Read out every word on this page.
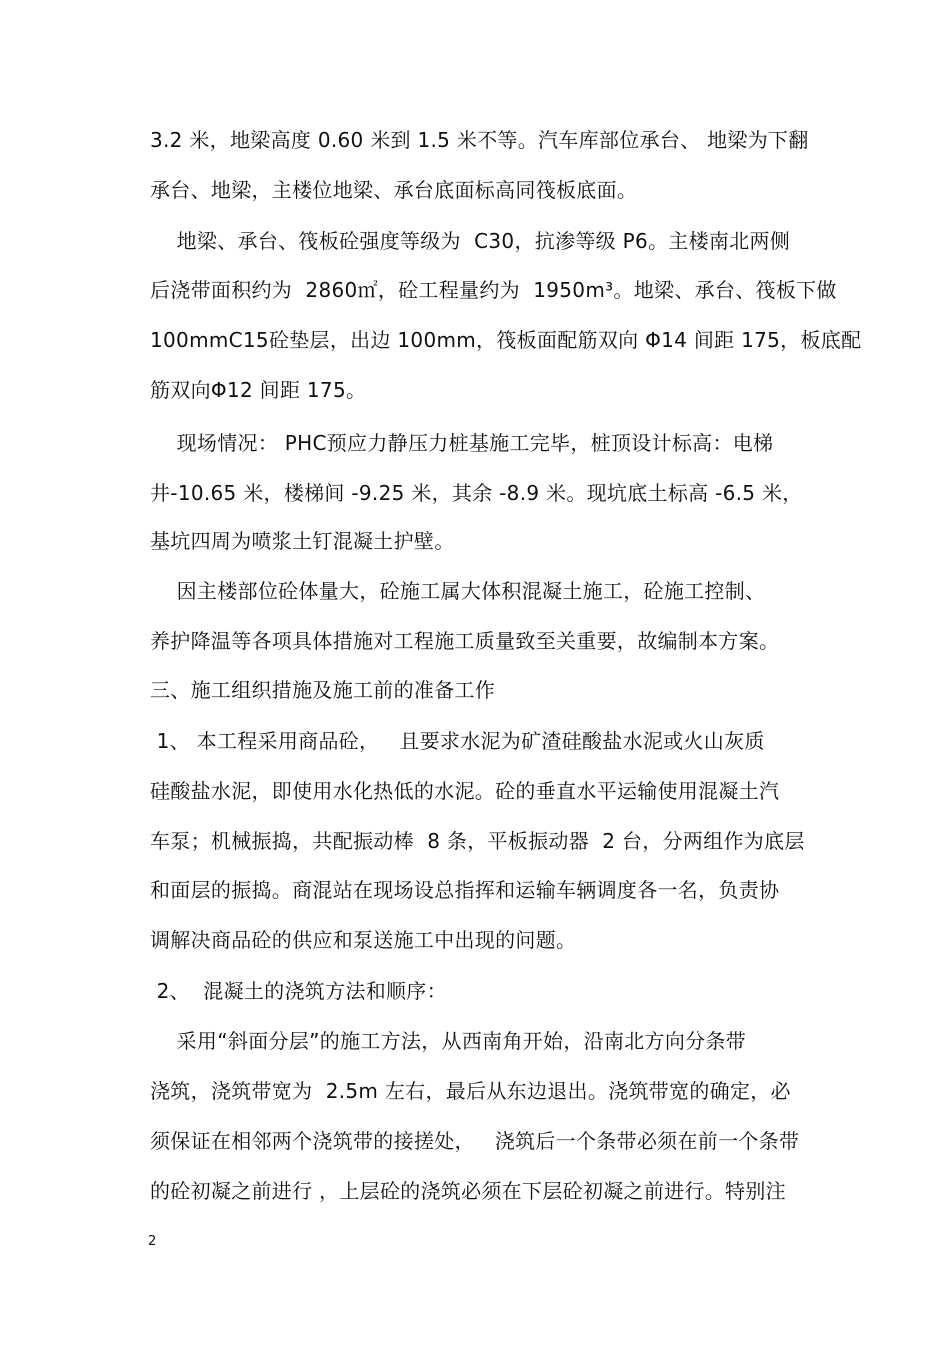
3.2 米，地梁高度 0.60 米到 1.5 米不等。汽车库部位承台、 地梁为下翻
承台、地梁，主楼位地梁、承台底面标高同筏板底面。
地梁、承台、筏板砼强度等级为  C30，抗渗等级 P6。主楼南北两侧
后浇带面积约为  2860㎡，砼工程量约为  1950m³。地梁、承台、筏板下做
100mmC15砼垫层，出边 100mm，筏板面配筋双向 Φ14 间距 175，板底配
筋双向Φ12 间距 175。
现场情况： PHC预应力静压力桩基施工完毕，桩顶设计标高：电梯
井-10.65 米，楼梯间 -9.25 米，其余 -8.9 米。现坑底土标高 -6.5 米，
基坑四周为喷浆土钉混凝土护壁。
因主楼部位砼体量大，砼施工属大体积混凝土施工，砼施工控制、
养护降温等各项具体措施对工程施工质量致至关重要，故编制本方案。
三、施工组织措施及施工前的准备工作
1、 本工程采用商品砼，   且要求水泥为矿渣硅酸盐水泥或火山灰质
硅酸盐水泥，即使用水化热低的水泥。砼的垂直水平运输使用混凝土汽
车泵；机械振捣，共配振动棒  8 条，平板振动器  2 台，分两组作为底层
和面层的振捣。商混站在现场设总指挥和运输车辆调度各一名，负责协
调解决商品砼的供应和泵送施工中出现的问题。
2、  混凝土的浇筑方法和顺序：
采用“斜面分层”的施工方法，从西南角开始，沿南北方向分条带
浇筑，浇筑带宽为  2.5m 左右，最后从东边退出。浇筑带宽的确定，必
须保证在相邻两个浇筑带的接搓处，   浇筑后一个条带必须在前一个条带
的砼初凝之前进行 ，上层砼的浇筑必须在下层砼初凝之前进行。特别注
2
